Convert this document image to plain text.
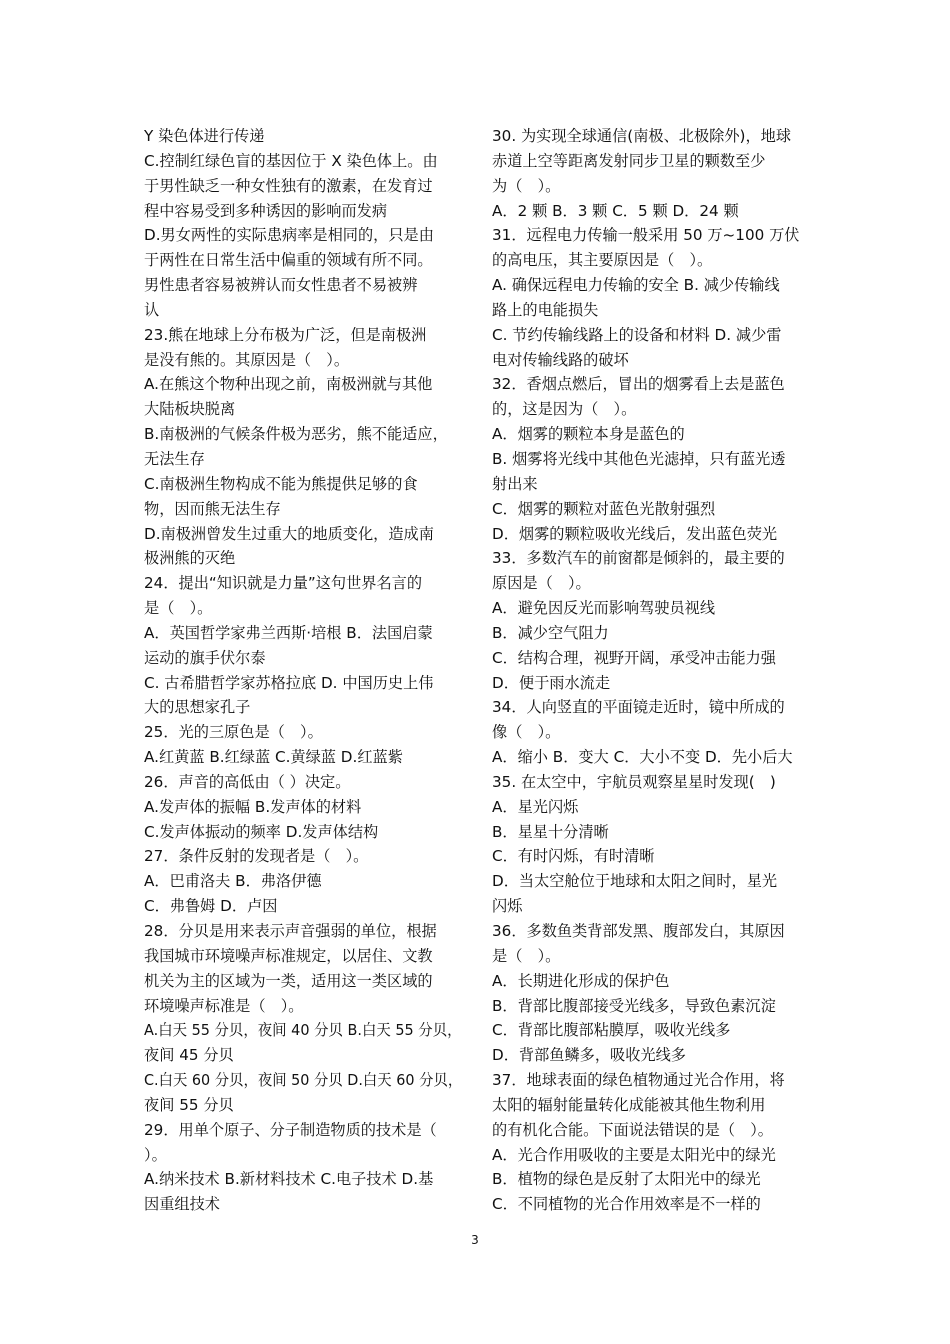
Y 染色体进行传递
C.控制红绿色盲的基因位于 X 染色体上。由
于男性缺乏一种女性独有的激素，在发育过
程中容易受到多种诱因的影响而发病
D.男女两性的实际患病率是相同的，只是由
于两性在日常生活中偏重的领域有所不同。
男性患者容易被辨认而女性患者不易被辨
认
23.熊在地球上分布极为广泛，但是南极洲
是没有熊的。其原因是（　）。
A.在熊这个物种出现之前，南极洲就与其他
大陆板块脱离
B.南极洲的气候条件极为恶劣，熊不能适应，
无法生存
C.南极洲生物构成不能为熊提供足够的食
物，因而熊无法生存
D.南极洲曾发生过重大的地质变化，造成南
极洲熊的灭绝
24．提出“知识就是力量”这句世界名言的
是（　）。
A．英国哲学家弗兰西斯·培根 B．法国启蒙
运动的旗手伏尔泰
C. 古希腊哲学家苏格拉底 D. 中国历史上伟
大的思想家孔子
25．光的三原色是（　）。
A.红黄蓝 B.红绿蓝 C.黄绿蓝 D.红蓝紫
26．声音的高低由（ ）决定。
A.发声体的振幅 B.发声体的材料
C.发声体振动的频率 D.发声体结构
27．条件反射的发现者是（　）。
A．巴甫洛夫 B．弗洛伊德
C．弗鲁姆 D．卢因
28．分贝是用来表示声音强弱的单位，根据
我国城市环境噪声标准规定，以居住、文教
机关为主的区域为一类，适用这一类区域的
环境噪声标准是（　）。
A.白天 55 分贝，夜间 40 分贝 B.白天 55 分贝，
夜间 45 分贝
C.白天 60 分贝，夜间 50 分贝 D.白天 60 分贝，
夜间 55 分贝
29．用单个原子、分子制造物质的技术是（
）。
A.纳米技术 B.新材料技术 C.电子技术 D.基
因重组技术
30. 为实现全球通信(南极、北极除外)，地球
赤道上空等距离发射同步卫星的颗数至少
为（　）。
A．2 颗 B．3 颗 C．5 颗 D．24 颗
31．远程电力传输一般采用 50 万~100 万伏
的高电压，其主要原因是（　）。
A. 确保远程电力传输的安全 B. 减少传输线
路上的电能损失
C. 节约传输线路上的设备和材料 D. 减少雷
电对传输线路的破坏
32．香烟点燃后，冒出的烟雾看上去是蓝色
的，这是因为（　）。
A．烟雾的颗粒本身是蓝色的
B. 烟雾将光线中其他色光滤掉，只有蓝光透
射出来
C．烟雾的颗粒对蓝色光散射强烈
D．烟雾的颗粒吸收光线后，发出蓝色荧光
33．多数汽车的前窗都是倾斜的，最主要的
原因是（　）。
A．避免因反光而影响驾驶员视线
B．减少空气阻力
C．结构合理，视野开阔，承受冲击能力强
D．便于雨水流走
34．人向竖直的平面镜走近时，镜中所成的
像（　）。
A．缩小 B．变大 C．大小不变 D．先小后大
35. 在太空中，宇航员观察星星时发现(　)
A．星光闪烁
B．星星十分清晰
C．有时闪烁，有时清晰
D．当太空舱位于地球和太阳之间时，星光
闪烁
36．多数鱼类背部发黑、腹部发白，其原因
是（　）。
A．长期进化形成的保护色
B．背部比腹部接受光线多，导致色素沉淀
C．背部比腹部粘膜厚，吸收光线多
D．背部鱼鳞多，吸收光线多
37．地球表面的绿色植物通过光合作用，将
太阳的辐射能量转化成能被其他生物利用
的有机化合能。下面说法错误的是（　）。
A．光合作用吸收的主要是太阳光中的绿光
B．植物的绿色是反射了太阳光中的绿光
C．不同植物的光合作用效率是不一样的
3
